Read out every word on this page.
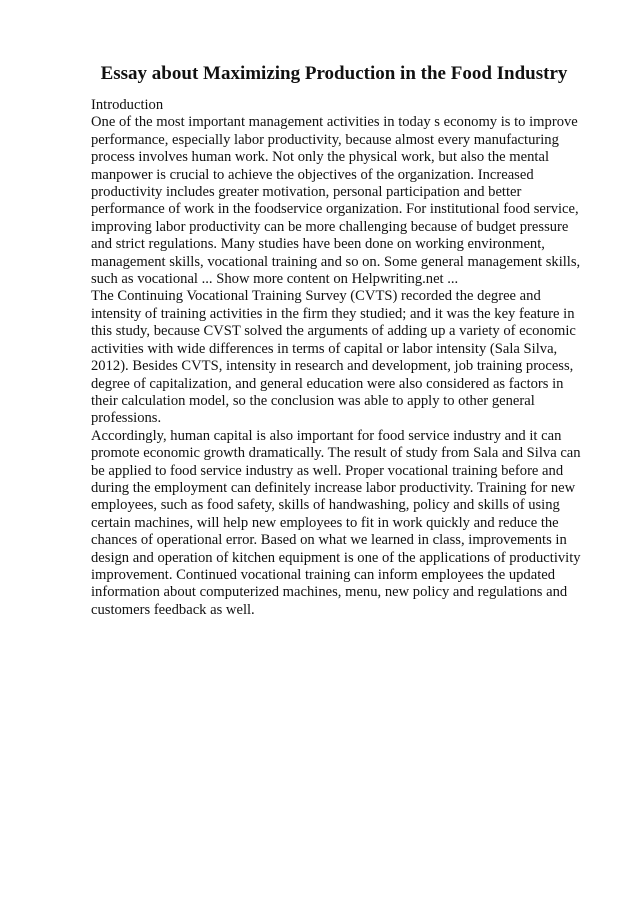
Essay about Maximizing Production in the Food Industry

Introduction

One of the most important management activities in today s economy is to improve performance, especially labor productivity, because almost every manufacturing process involves human work. Not only the physical work, but also the mental manpower is crucial to achieve the objectives of the organization. Increased productivity includes greater motivation, personal participation and better performance of work in the foodservice organization. For institutional food service, improving labor productivity can be more challenging because of budget pressure and strict regulations. Many studies have been done on working environment, management skills, vocational training and so on. Some general management skills, such as vocational ... Show more content on Helpwriting.net ...

The Continuing Vocational Training Survey (CVTS) recorded the degree and intensity of training activities in the firm they studied; and it was the key feature in this study, because CVST solved the arguments of adding up a variety of economic activities with wide differences in terms of capital or labor intensity (Sala Silva, 2012). Besides CVTS, intensity in research and development, job training process, degree of capitalization, and general education were also considered as factors in their calculation model, so the conclusion was able to apply to other general professions.

Accordingly, human capital is also important for food service industry and it can promote economic growth dramatically. The result of study from Sala and Silva can be applied to food service industry as well. Proper vocational training before and during the employment can definitely increase labor productivity. Training for new employees, such as food safety, skills of handwashing, policy and skills of using certain machines, will help new employees to fit in work quickly and reduce the chances of operational error. Based on what we learned in class, improvements in design and operation of kitchen equipment is one of the applications of productivity improvement. Continued vocational training can inform employees the updated information about computerized machines, menu, new policy and regulations and customers feedback as well.
